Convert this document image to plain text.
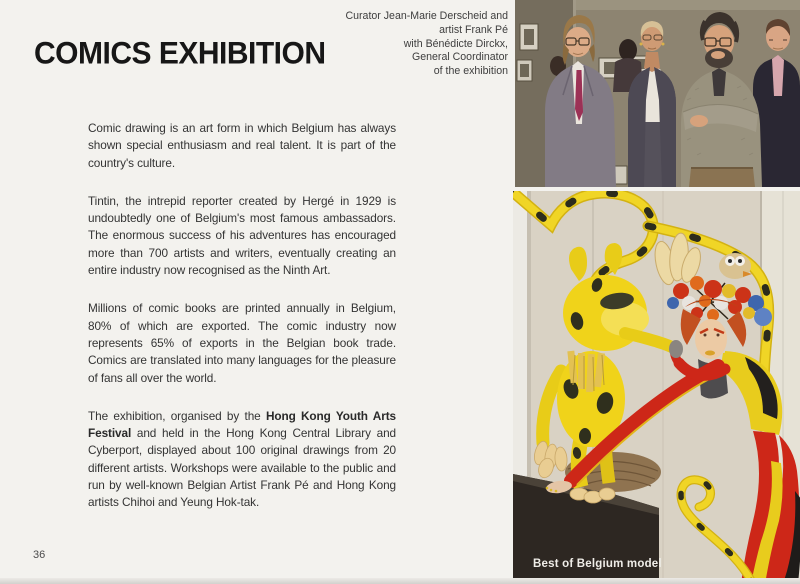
COMICS EXHIBITION
Curator Jean-Marie Derscheid and
artist Frank Pé
with Bénédicte Dirckx,
General Coordinator
of the exhibition

Comic drawing is an art form in which Belgium has always shown special enthusiasm and real talent. It is part of the country's culture.

Tintin, the intrepid reporter created by Hergé in 1929 is undoubtedly one of Belgium's most famous ambassadors. The enormous success of his adventures has encouraged more than 700 artists and writers, eventually creating an entire industry now recognised as the Ninth Art.

Millions of comic books are printed annually in Belgium, 80% of which are exported. The comic industry now represents 65% of exports in the Belgian book trade. Comics are translated into many languages for the pleasure of fans all over the world.

The exhibition, organised by the Hong Kong Youth Arts Festival and held in the Hong Kong Central Library and Cyberport, displayed about 100 original drawings from 20 different artists. Workshops were available to the public and run by well-known Belgian Artist Frank Pé and Hong Kong artists Chihoi and Yeung Hok-tak.

Best of Belgium model
36
